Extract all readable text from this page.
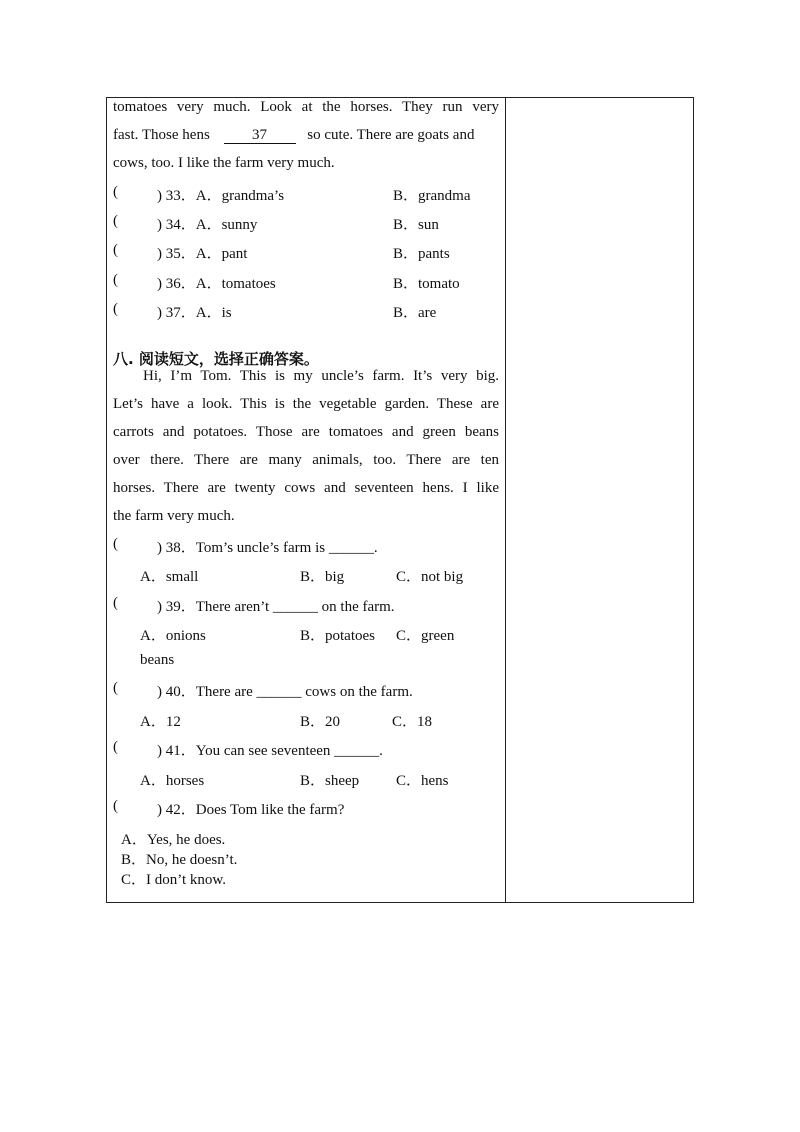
tomatoes very much. Look at the horses. They run very
fast. Those hens	37	so cute. There are goats and
cows, too. I like the farm very much.
(	) 33．A．grandma’s	B．grandma
(	) 34．A．sunny	B．sun
(	) 35．A．pant	B．pants
(	) 36．A．tomatoes	B．tomato
(	) 37．A．is	B．are
八. 阅读短文，选择正确答案。
Hi, I’m Tom. This is my uncle’s farm. It’s very big.
Let’s have a look. This is the vegetable garden. These are
carrots and potatoes. Those are tomatoes and green beans
over there. There are many animals, too. There are ten
horses. There are twenty cows and seventeen hens. I like
the farm very much.
(	) 38．Tom’s uncle’s farm is ______.
A．small	B．big	C．not big
(	) 39．There aren’t ______ on the farm.
A．onions	B．potatoes C．green
beans
(	) 40．There are ______ cows on the farm.
A．12	B．20	C．18
(	) 41．You can see seventeen ______.
A．horses	B．sheep C．hens
(	) 42．Does Tom like the farm?
A．Yes, he does.
B．No, he doesn’t.
C．I don’t know.
